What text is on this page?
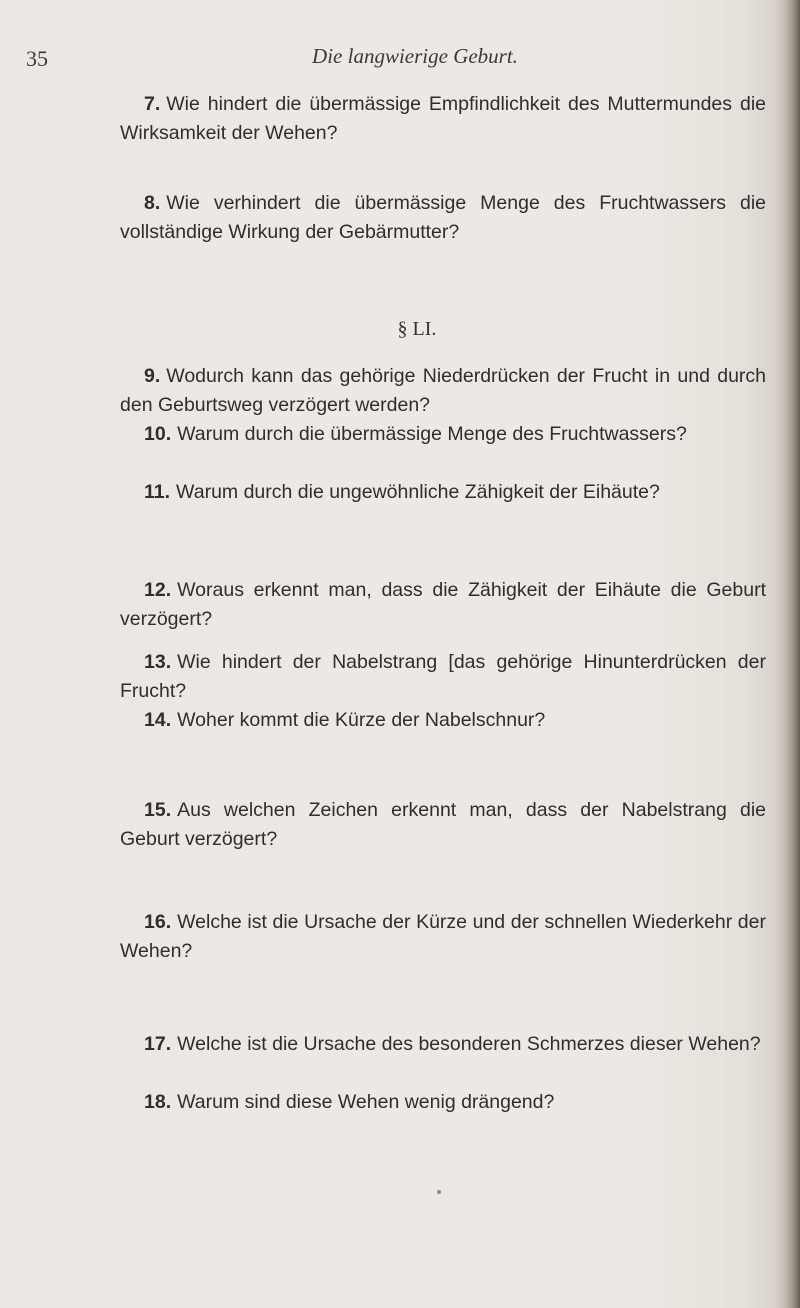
35	Die langwierige Geburt.
7. Wie hindert die übermässige Empfindlichkeit des Muttermundes die Wirksamkeit der Wehen?
8. Wie verhindert die übermässige Menge des Fruchtwassers die vollständige Wirkung der Gebärmutter?
§ LI.
9. Wodurch kann das gehörige Niederdrücken der Frucht in und durch den Geburtsweg verzögert werden?
10. Warum durch die übermässige Menge des Fruchtwassers?
11. Warum durch die ungewöhnliche Zähigkeit der Eihäute?
12. Woraus erkennt man, dass die Zähigkeit der Eihäute die Geburt verzögert?
13. Wie hindert der Nabelstrang [das gehörige Hinunterdrücken der Frucht?
14. Woher kommt die Kürze der Nabelschnur?
15. Aus welchen Zeichen erkennt man, dass der Nabelstrang die Geburt verzögert?
16. Welche ist die Ursache der Kürze und der schnellen Wiederkehr der Wehen?
17. Welche ist die Ursache des besonderen Schmerzes dieser Wehen?
18. Warum sind diese Wehen wenig drängend?
